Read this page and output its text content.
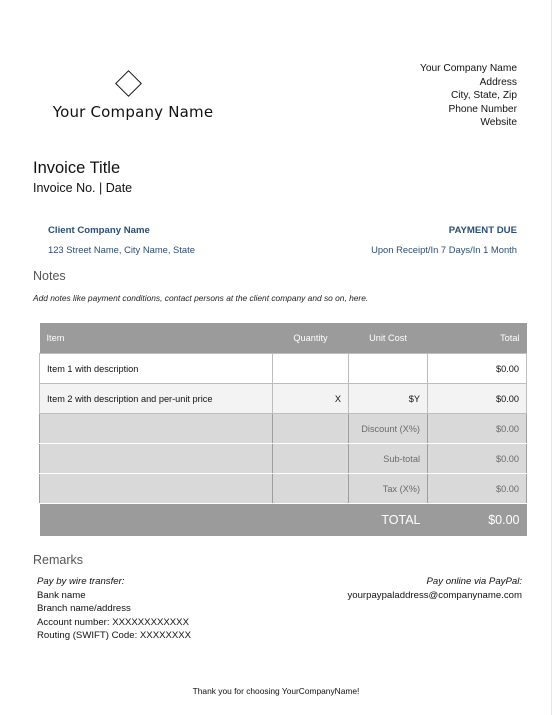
Your Company Name
Your Company Name
Address
City, State, Zip
Phone Number
Website
Invoice Title
Invoice No. | Date
Client Company Name
123 Street Name, City Name, State
PAYMENT DUE
Upon Receipt/In 7 Days/In 1 Month
Notes
Add notes like payment conditions, contact persons at the client company and so on, here.
Item	Quantity	Unit Cost	Total
Item 1 with description			$0.00
Item 2 with description and per-unit price	X	$Y	$0.00
		Discount (X%)	$0.00
		Sub-total	$0.00
		Tax (X%)	$0.00
		TOTAL	$0.00
Remarks
Pay by wire transfer:
Bank name
Branch name/address
Account number: XXXXXXXXXXXX
Routing (SWIFT) Code: XXXXXXXX
Pay online via PayPal:
yourpaypaladdress@companyname.com
Thank you for choosing YourCompanyName!
